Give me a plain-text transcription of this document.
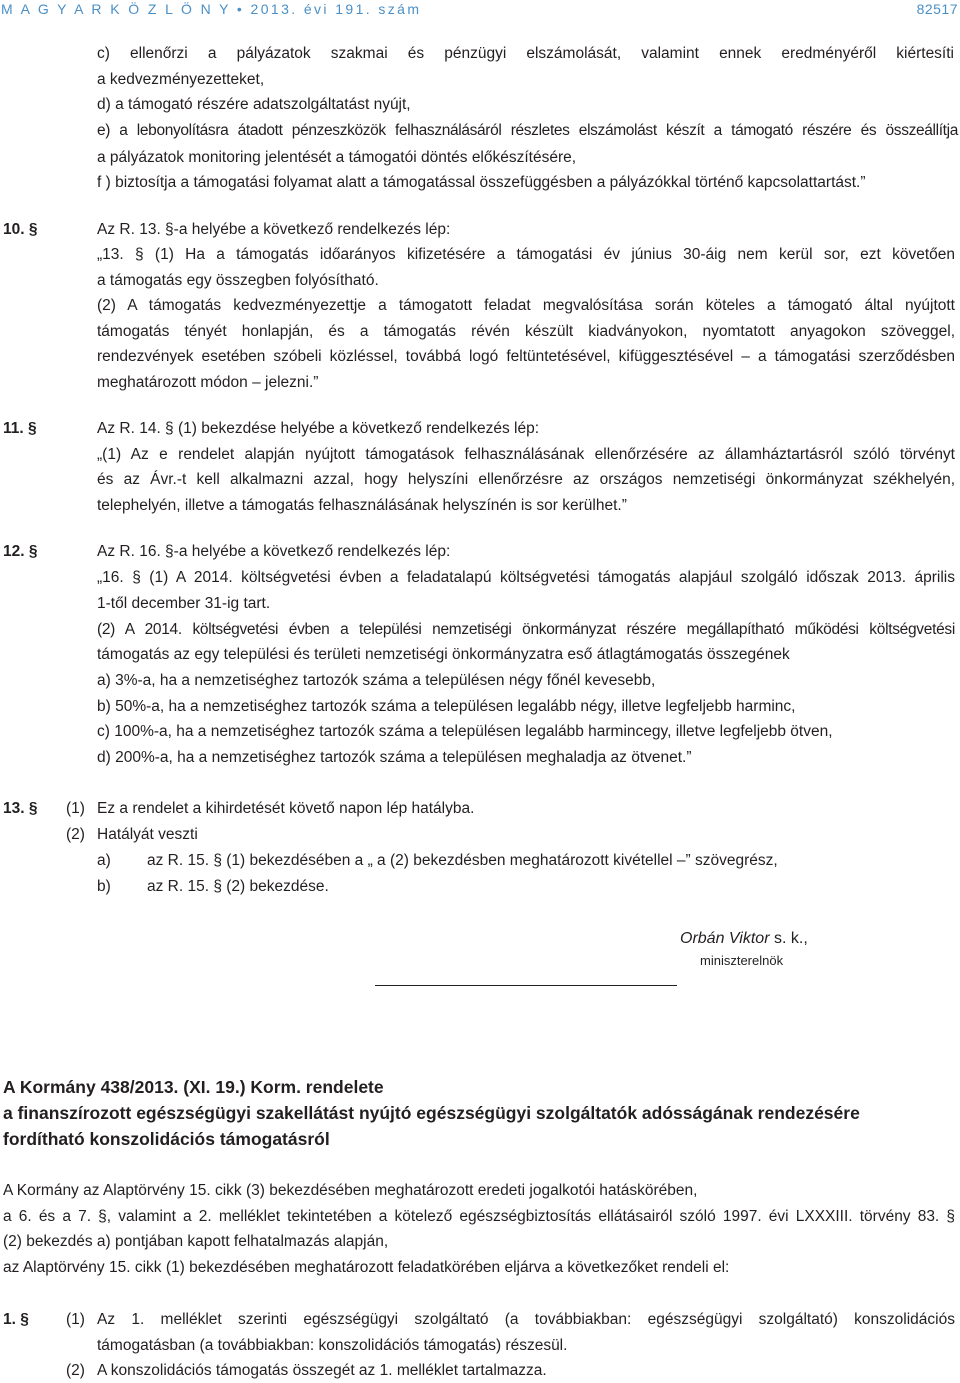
M A G Y A R K Ö Z L Ö N Y • 2013. évi 191. szám	82517
c) ellenőrzi a pályázatok szakmai és pénzügyi elszámolását, valamint ennek eredményéről kiértesíti
a kedvezményezetteket,
d) a támogató részére adatszolgáltatást nyújt,
e) a lebonyolításra átadott pénzeszközök felhasználásáról részletes elszámolást készít a támogató részére és összeállítja
a pályázatok monitoring jelentését a támogatói döntés előkészítésére,
f ) biztosítja a támogatási folyamat alatt a támogatással összefüggésben a pályázókkal történő kapcsolattartást.”
10. §	Az R. 13. §-a helyébe a következő rendelkezés lép:
„13. § (1) Ha a támogatás időarányos kifizetésére a támogatási év június 30-áig nem kerül sor, ezt követően
a támogatás egy összegben folyósítható.
(2) A támogatás kedvezményezettje a támogatott feladat megvalósítása során köteles a támogató által nyújtott
támogatás tényét honlapján, és a támogatás révén készült kiadványokon, nyomtatott anyagokon szöveggel,
rendezvények esetében szóbeli közléssel, továbbá logó feltüntetésével, kifüggesztésével – a támogatási szerződésben
meghatározott módon – jelezni.”
11. §	Az R. 14. § (1) bekezdése helyébe a következő rendelkezés lép:
„(1) Az e rendelet alapján nyújtott támogatások felhasználásának ellenőrzésére az államháztartásról szóló törvényt
és az Ávr.-t kell alkalmazni azzal, hogy helyszíni ellenőrzésre az országos nemzetiségi önkormányzat székhelyén,
telephelyén, illetve a támogatás felhasználásának helyszínén is sor kerülhet.”
12. §	Az R. 16. §-a helyébe a következő rendelkezés lép:
„16. § (1) A 2014. költségvetési évben a feladatalapú költségvetési támogatás alapjául szolgáló időszak 2013. április
1-től december 31-ig tart.
(2) A 2014. költségvetési évben a települési nemzetiségi önkormányzat részére megállapítható működési költségvetési
támogatás az egy települési és területi nemzetiségi önkormányzatra eső átlagtámogatás összegének
a) 3%-a, ha a nemzetiséghez tartozók száma a településen négy főnél kevesebb,
b) 50%-a, ha a nemzetiséghez tartozók száma a településen legalább négy, illetve legfeljebb harminc,
c) 100%-a, ha a nemzetiséghez tartozók száma a településen legalább harmincegy, illetve legfeljebb ötven,
d) 200%-a, ha a nemzetiséghez tartozók száma a településen meghaladja az ötvenet.”
13. § (1) Ez a rendelet a kihirdetését követő napon lép hatályba.
(2) Hatályát veszti
a) az R. 15. § (1) bekezdésében a „ a (2) bekezdésben meghatározott kivétellel –” szövegrész,
b) az R. 15. § (2) bekezdése.
Orbán Viktor s. k.,
miniszterelnök
A Kormány 438/2013. (XI. 19.) Korm. rendelete
a finanszírozott egészségügyi szakellátást nyújtó egészségügyi szolgáltatók adósságának rendezésére
fordítható konszolidációs támogatásról
A Kormány az Alaptörvény 15. cikk (3) bekezdésében meghatározott eredeti jogalkotói hatáskörében,
a 6. és a 7. §, valamint a 2. melléklet tekintetében a kötelező egészségbiztosítás ellátásairól szóló 1997. évi LXXXIII. törvény 83. §
(2) bekezdés a) pontjában kapott felhatalmazás alapján,
az Alaptörvény 15. cikk (1) bekezdésében meghatározott feladatkörében eljárva a következőket rendeli el:
1. § (1) Az 1. melléklet szerinti egészségügyi szolgáltató (a továbbiakban: egészségügyi szolgáltató) konszolidációs
támogatásban (a továbbiakban: konszolidációs támogatás) részesül.
(2) A konszolidációs támogatás összegét az 1. melléklet tartalmazza.
